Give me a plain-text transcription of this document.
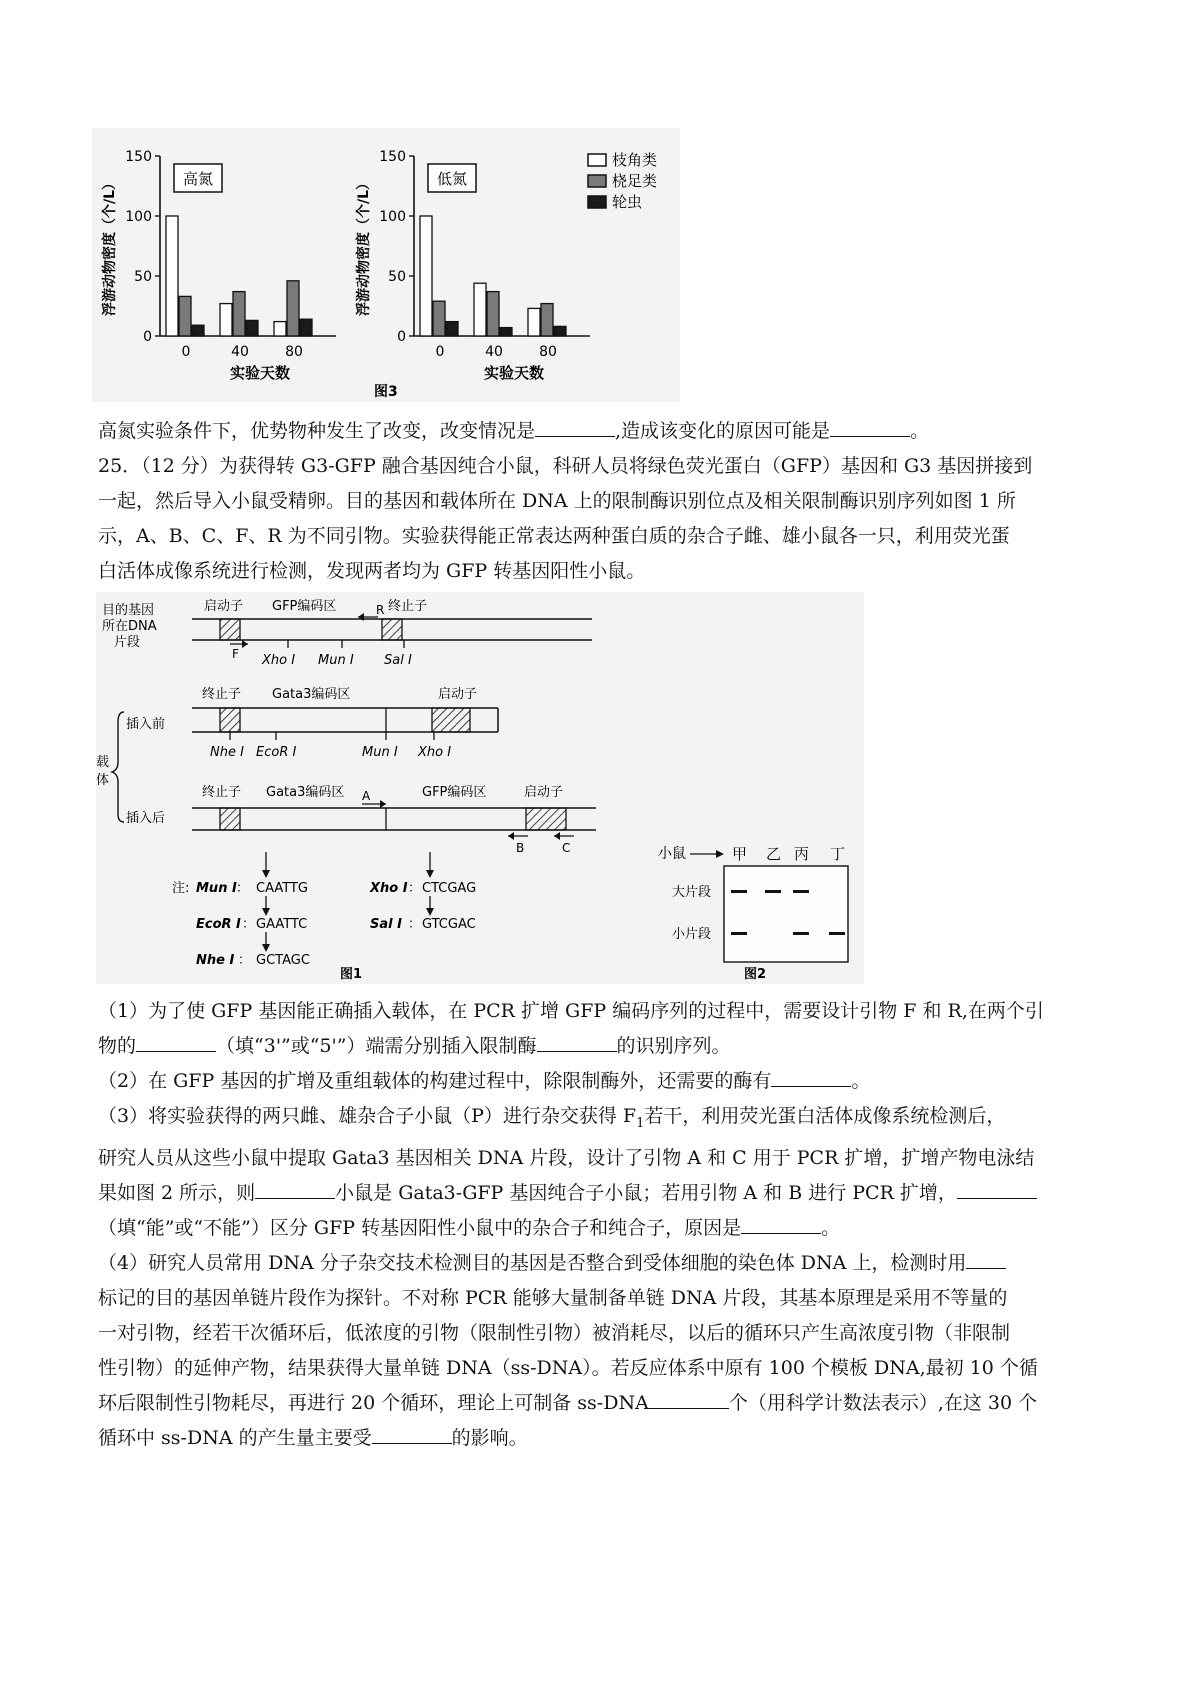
0
50
100
150
高氮
0	40	80
实验天数
浮游动物密度（个/L）
0
50
100
150
低氮
0	40	80
实验天数
浮游动物密度（个/L）
枝角类
桡足类
轮虫
图3

高氮实验条件下，优势物种发生了改变，改变情况是	,造成该变化的原因可能是	。

25．（12 分）为获得转 G3-GFP 融合基因纯合小鼠，科研人员将绿色荧光蛋白（GFP）基因和 G3 基因拼接到

一起，然后导入小鼠受精卵。目的基因和载体所在 DNA 上的限制酶识别位点及相关限制酶识别序列如图 1 所

示，A、B、C、F、R 为不同引物。实验获得能正常表达两种蛋白质的杂合子雌、雄小鼠各一只，利用荧光蛋

白活体成像系统进行检测，发现两者均为 GFP 转基因阳性小鼠。

目的基因
所在DNA
片段
启动子 GFP编码区	终止子
R
F Xho Ⅰ Mun Ⅰ Sal Ⅰ
终止子 Gata3编码区	启动子
插入前
Nhe Ⅰ EcoR Ⅰ	Mun Ⅰ Xho Ⅰ
载
体
终止子 Gata3编码区	GFP编码区	启动子
插入后
A
B	C
注: Mun Ⅰ ： CAATTG
EcoR Ⅰ ： GAATTC
Nhe Ⅰ ： GCTAGC
Xho Ⅰ ： CTCGAG
Sal Ⅰ ： GTCGAC
图1
小鼠	甲 乙 丙 丁
大片段
小片段
图2

（1）为了使 GFP 基因能正确插入载体，在 PCR 扩增 GFP 编码序列的过程中，需要设计引物 F 和 R,在两个引

物的	（填“3'”或“5'”）端需分别插入限制酶	的识别序列。

（2）在 GFP 基因的扩增及重组载体的构建过程中，除限制酶外，还需要的酶有	。

（3）将实验获得的两只雌、雄杂合子小鼠（P）进行杂交获得 $F_1$若干，利用荧光蛋白活体成像系统检测后，

研究人员从这些小鼠中提取 Gata3 基因相关 DNA 片段，设计了引物 A 和 C 用于 PCR 扩增，扩增产物电泳结

果如图 2 所示，则	小鼠是 Gata3-GFP 基因纯合子小鼠；若用引物 A 和 B 进行 PCR 扩增，

（填“能”或“不能”）区分 GFP 转基因阳性小鼠中的杂合子和纯合子，原因是	。

（4）研究人员常用 DNA 分子杂交技术检测目的基因是否整合到受体细胞的染色体 DNA 上，检测时用

标记的目的基因单链片段作为探针。不对称 PCR 能够大量制备单链 DNA 片段，其基本原理是采用不等量的

一对引物，经若干次循环后，低浓度的引物（限制性引物）被消耗尽，以后的循环只产生高浓度引物（非限制

性引物）的延伸产物，结果获得大量单链 DNA（ss-DNA）。若反应体系中原有 100 个模板 DNA,最初 10 个循

环后限制性引物耗尽，再进行 20 个循环，理论上可制备 ss-DNA	个（用科学计数法表示）,在这 30 个

循环中 ss-DNA 的产生量主要受	的影响。
